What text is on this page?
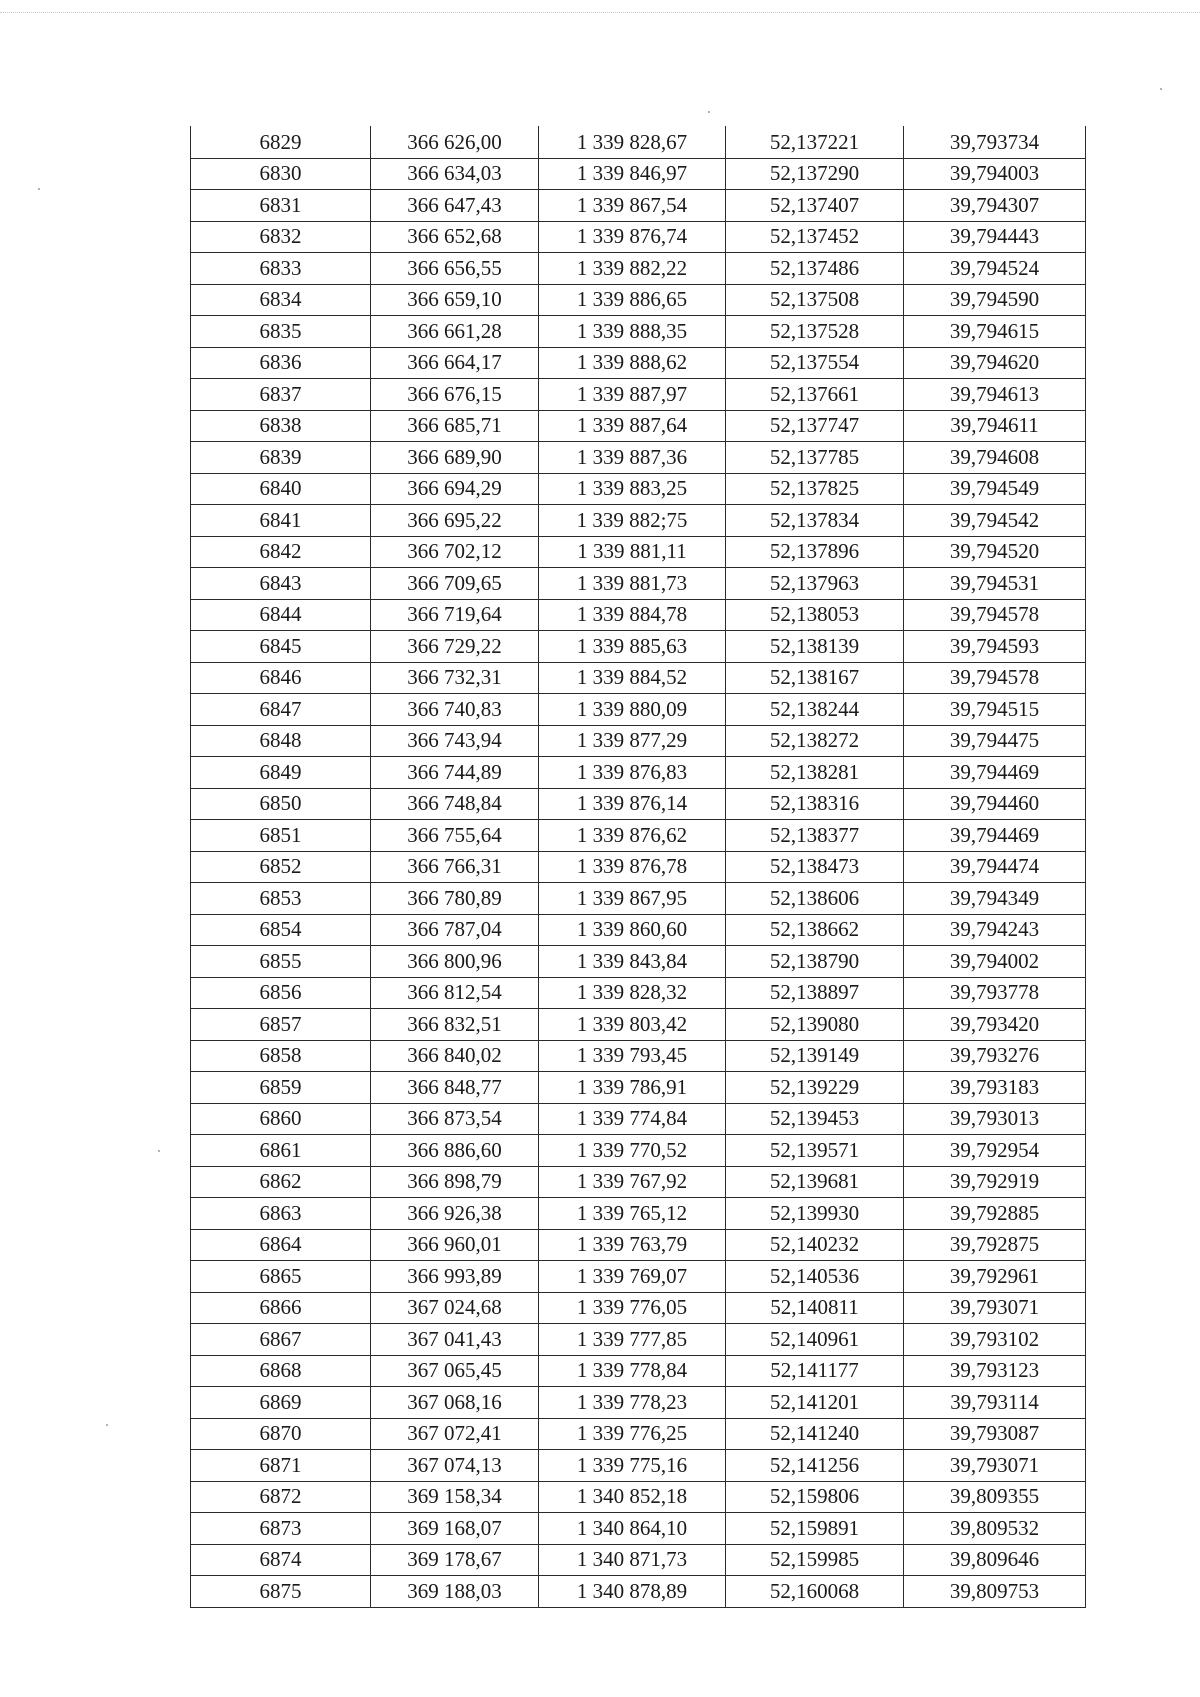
6829	366 626,00	1 339 828,67	52,137221	39,793734
6830	366 634,03	1 339 846,97	52,137290	39,794003
6831	366 647,43	1 339 867,54	52,137407	39,794307
6832	366 652,68	1 339 876,74	52,137452	39,794443
6833	366 656,55	1 339 882,22	52,137486	39,794524
6834	366 659,10	1 339 886,65	52,137508	39,794590
6835	366 661,28	1 339 888,35	52,137528	39,794615
6836	366 664,17	1 339 888,62	52,137554	39,794620
6837	366 676,15	1 339 887,97	52,137661	39,794613
6838	366 685,71	1 339 887,64	52,137747	39,794611
6839	366 689,90	1 339 887,36	52,137785	39,794608
6840	366 694,29	1 339 883,25	52,137825	39,794549
6841	366 695,22	1 339 882;75	52,137834	39,794542
6842	366 702,12	1 339 881,11	52,137896	39,794520
6843	366 709,65	1 339 881,73	52,137963	39,794531
6844	366 719,64	1 339 884,78	52,138053	39,794578
6845	366 729,22	1 339 885,63	52,138139	39,794593
6846	366 732,31	1 339 884,52	52,138167	39,794578
6847	366 740,83	1 339 880,09	52,138244	39,794515
6848	366 743,94	1 339 877,29	52,138272	39,794475
6849	366 744,89	1 339 876,83	52,138281	39,794469
6850	366 748,84	1 339 876,14	52,138316	39,794460
6851	366 755,64	1 339 876,62	52,138377	39,794469
6852	366 766,31	1 339 876,78	52,138473	39,794474
6853	366 780,89	1 339 867,95	52,138606	39,794349
6854	366 787,04	1 339 860,60	52,138662	39,794243
6855	366 800,96	1 339 843,84	52,138790	39,794002
6856	366 812,54	1 339 828,32	52,138897	39,793778
6857	366 832,51	1 339 803,42	52,139080	39,793420
6858	366 840,02	1 339 793,45	52,139149	39,793276
6859	366 848,77	1 339 786,91	52,139229	39,793183
6860	366 873,54	1 339 774,84	52,139453	39,793013
6861	366 886,60	1 339 770,52	52,139571	39,792954
6862	366 898,79	1 339 767,92	52,139681	39,792919
6863	366 926,38	1 339 765,12	52,139930	39,792885
6864	366 960,01	1 339 763,79	52,140232	39,792875
6865	366 993,89	1 339 769,07	52,140536	39,792961
6866	367 024,68	1 339 776,05	52,140811	39,793071
6867	367 041,43	1 339 777,85	52,140961	39,793102
6868	367 065,45	1 339 778,84	52,141177	39,793123
6869	367 068,16	1 339 778,23	52,141201	39,793114
6870	367 072,41	1 339 776,25	52,141240	39,793087
6871	367 074,13	1 339 775,16	52,141256	39,793071
6872	369 158,34	1 340 852,18	52,159806	39,809355
6873	369 168,07	1 340 864,10	52,159891	39,809532
6874	369 178,67	1 340 871,73	52,159985	39,809646
6875	369 188,03	1 340 878,89	52,160068	39,809753
